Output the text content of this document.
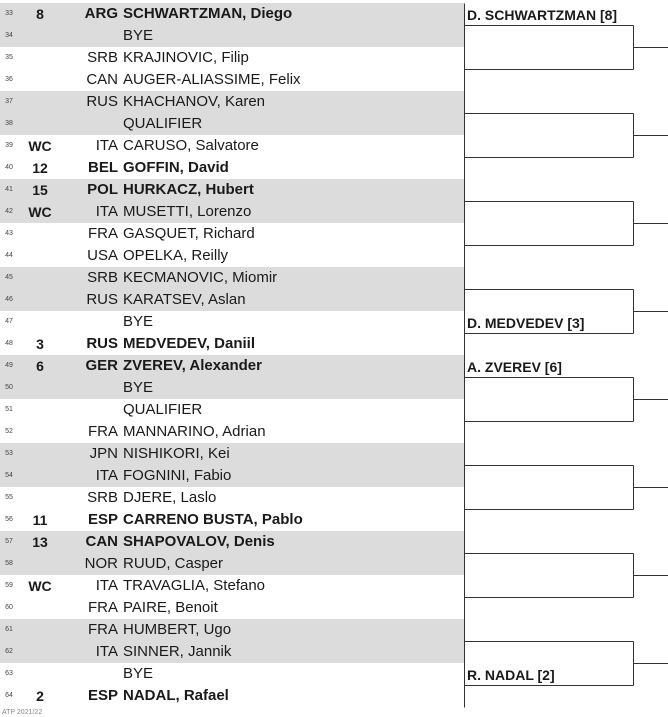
33	8	ARG SCHWARTZMAN, Diego
34	BYE
35	SRB KRAJINOVIC, Filip
36	CAN AUGER-ALIASSIME, Felix
37	RUS KHACHANOV, Karen
38	QUALIFIER
39	WC	ITA CARUSO, Salvatore
40	12	BEL GOFFIN, David
41	15	POL HURKACZ, Hubert
42	WC	ITA MUSETTI, Lorenzo
43	FRA GASQUET, Richard
44	USA OPELKA, Reilly
45	SRB KECMANOVIC, Miomir
46	RUS KARATSEV, Aslan
47	BYE
48	3	RUS MEDVEDEV, Daniil
49	6	GER ZVEREV, Alexander
50	BYE
51	QUALIFIER
52	FRA MANNARINO, Adrian
53	JPN NISHIKORI, Kei
54	ITA FOGNINI, Fabio
55	SRB DJERE, Laslo
56	11	ESP CARRENO BUSTA, Pablo
57	13	CAN SHAPOVALOV, Denis
58	NOR RUUD, Casper
59	WC	ITA TRAVAGLIA, Stefano
60	FRA PAIRE, Benoit
61	FRA HUMBERT, Ugo
62	ITA SINNER, Jannik
63	BYE
64	2	ESP NADAL, Rafael
D. SCHWARTZMAN [8]
D. MEDVEDEV [3]
A. ZVEREV [6]
R. NADAL [2]
ATP 2021/22
